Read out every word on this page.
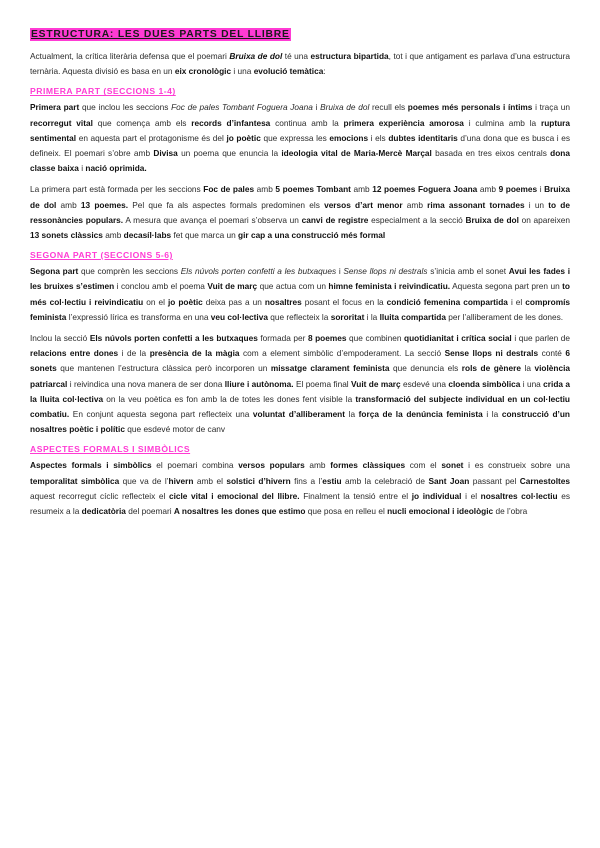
ESTRUCTURA: LES DUES PARTS DEL LLIBRE

Actualment, la crítica literària defensa que el poemari Bruixa de dol té una estructura bipartida, tot i que antigament es parlava d’una estructura ternària. Aquesta divisió es basa en un eix cronològic i una evolució temàtica:

PRIMERA PART (SECCIONS 1-4)

Primera part que inclou les seccions Foc de pales Tombant Foguera Joana i Bruixa de dol recull els poemes més personals i íntims i traça un recorregut vital que comença amb els records d’infantesa continua amb la primera experiència amorosa i culmina amb la ruptura sentimental en aquesta part el protagonisme és del jo poètic que expressa les emocions i els dubtes identitaris d’una dona que es busca i es defineix. El poemari s’obre amb Divisa un poema que enuncia la ideologia vital de Maria-Mercè Marçal basada en tres eixos centrals dona classe baixa i nació oprimida.

La primera part està formada per les seccions Foc de pales amb 5 poemes Tombant amb 12 poemes Foguera Joana amb 9 poemes i Bruixa de dol amb 13 poemes. Pel que fa als aspectes formals predominen els versos d’art menor amb rima assonant tornades i un to de ressonàncies populars. A mesura que avança el poemari s’observa un canvi de registre especialment a la secció Bruixa de dol on apareixen 13 sonets clàssics amb decasíl·labs fet que marca un gir cap a una construcció més formal

SEGONA PART (SECCIONS 5-6)

Segona part que comprèn les seccions Els núvols porten confetti a les butxaques i Sense llops ni destrals s’inicia amb el sonet Avui les fades i les bruixes s’estimen i conclou amb el poema Vuit de març que actua com un himne feminista i reivindicatiu. Aquesta segona part pren un to més col·lectiu i reivindicatiu on el jo poètic deixa pas a un nosaltres posant el focus en la condició femenina compartida i el compromís feminista l’expressió lírica es transforma en una veu col·lectiva que reflecteix la sororitat i la lluita compartida per l’alliberament de les dones.

Inclou la secció Els núvols porten confetti a les butxaques formada per 8 poemes que combinen quotidianitat i crítica social i que parlen de relacions entre dones i de la presència de la màgia com a element simbòlic d’empoderament. La secció Sense llops ni destrals conté 6 sonets que mantenen l’estructura clàssica però incorporen un missatge clarament feminista que denuncia els rols de gènere la violència patriarcal i reivindica una nova manera de ser dona lliure i autònoma. El poema final Vuit de març esdevé una cloenda simbòlica i una crida a la lluita col·lectiva on la veu poètica es fon amb la de totes les dones fent visible la transformació del subjecte individual en un col·lectiu combatiu. En conjunt aquesta segona part reflecteix una voluntat d’alliberament la força de la denúncia feminista i la construcció d’un nosaltres poètic i polític que esdevé motor de canv

ASPECTES FORMALS I SIMBÒLICS

Aspectes formals i simbòlics el poemari combina versos populars amb formes clàssiques com el sonet i es construeix sobre una temporalitat simbòlica que va de l’hivern amb el solstici d’hivern fins a l’estiu amb la celebració de Sant Joan passant pel Carnestoltes aquest recorregut cíclic reflecteix el cicle vital i emocional del llibre. Finalment la tensió entre el jo individual i el nosaltres col·lectiu es resumeix a la dedicatòria del poemari A nosaltres les dones que estimo que posa en relleu el nucli emocional i ideològic de l’obra
